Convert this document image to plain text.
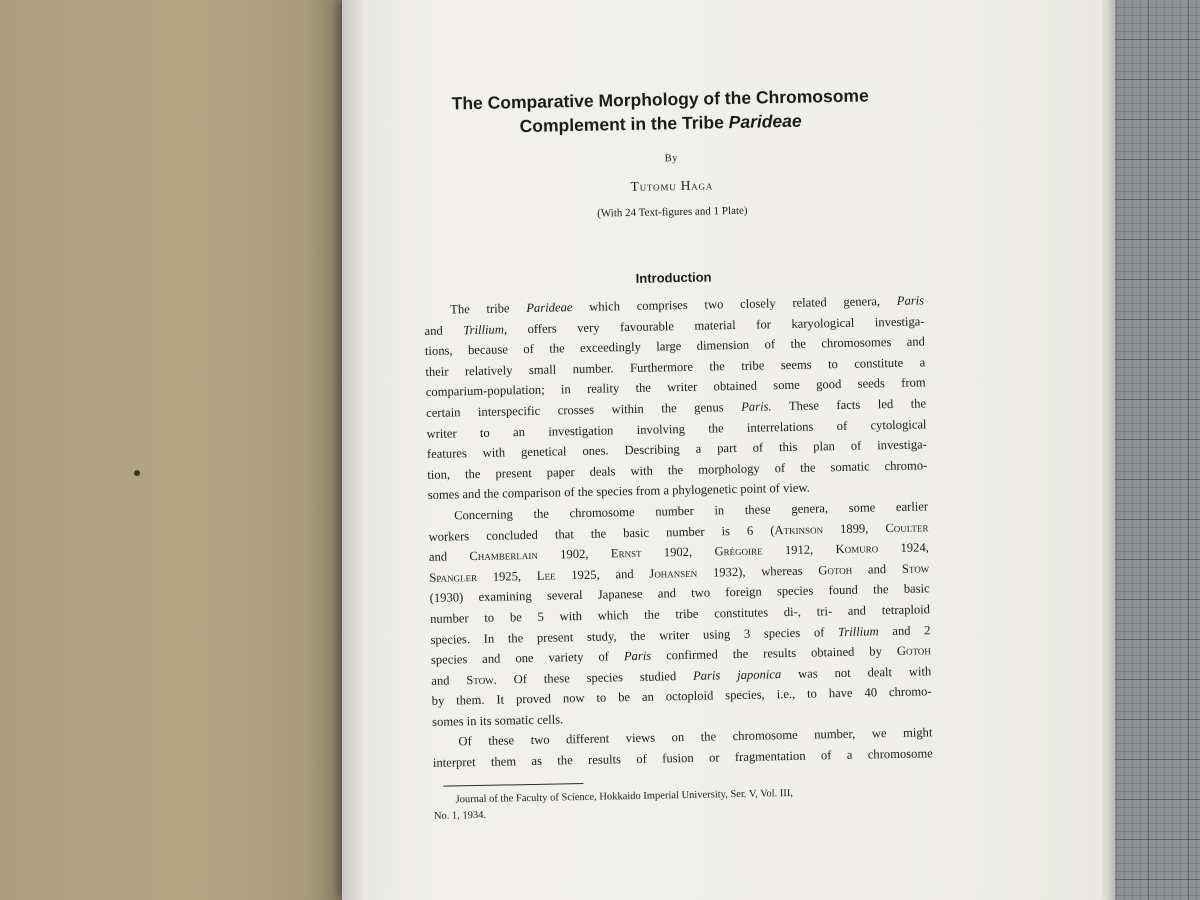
The Comparative Morphology of the Chromosome
Complement in the Tribe Parideae
By
Tutomu Haga
(With 24 Text-figures and 1 Plate)
Introduction
The tribe Parideae which comprises two closely related genera, Paris
and Trillium, offers very favourable material for karyological investiga-
tions, because of the exceedingly large dimension of the chromosomes and
their relatively small number. Furthermore the tribe seems to constitute a
comparium-population; in reality the writer obtained some good seeds from
certain interspecific crosses within the genus Paris. These facts led the
writer to an investigation involving the interrelations of cytological
features with genetical ones. Describing a part of this plan of investiga-
tion, the present paper deals with the morphology of the somatic chromo-
somes and the comparison of the species from a phylogenetic point of view.
Concerning the chromosome number in these genera, some earlier
workers concluded that the basic number is 6 (Atkinson 1899, Coulter
and Chamberlain 1902, Ernst 1902, Grégoire 1912, Komuro 1924,
Spangler 1925, Lee 1925, and Johansen 1932), whereas Gotoh and Stow
(1930) examining several Japanese and two foreign species found the basic
number to be 5 with which the tribe constitutes di-, tri- and tetraploid
species. In the present study, the writer using 3 species of Trillium and 2
species and one variety of Paris confirmed the results obtained by Gotoh
and Stow. Of these species studied Paris japonica was not dealt with
by them. It proved now to be an octoploid species, i.e., to have 40 chromo-
somes in its somatic cells.
Of these two different views on the chromosome number, we might
interpret them as the results of fusion or fragmentation of a chromosome
Journal of the Faculty of Science, Hokkaido Imperial University, Ser. V, Vol. III,
No. 1, 1934.
